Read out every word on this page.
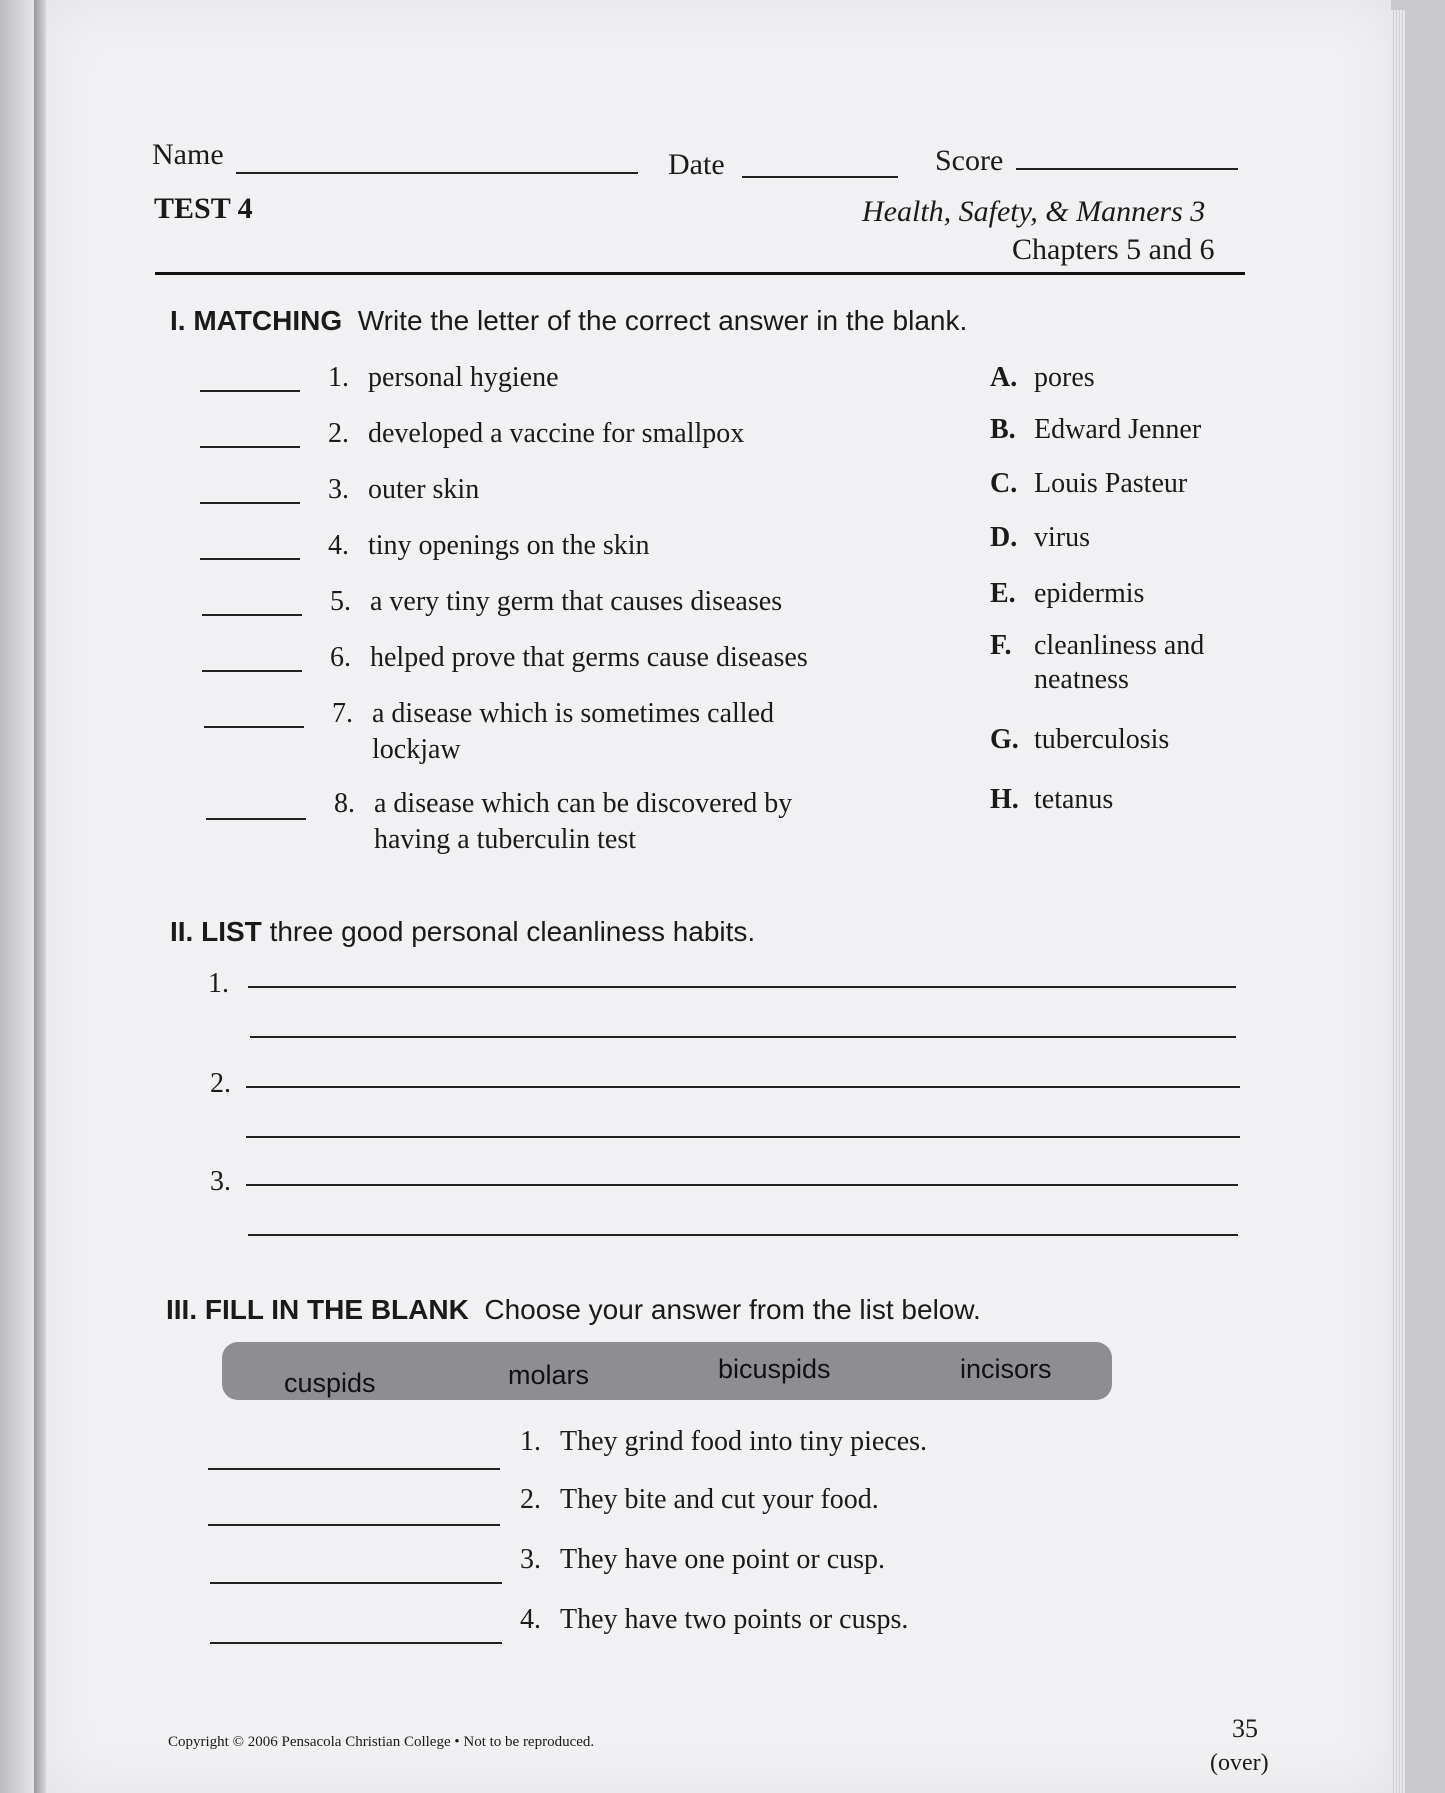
Name	Date	Score
TEST 4	Health, Safety, & Manners 3
Chapters 5 and 6
I. MATCHING Write the letter of the correct answer in the blank.
1. personal hygiene
2. developed a vaccine for smallpox
3. outer skin
4. tiny openings on the skin
5. a very tiny germ that causes diseases
6. helped prove that germs cause diseases
7. a disease which is sometimes called
lockjaw
8. a disease which can be discovered by
having a tuberculin test
A. pores
B. Edward Jenner
C. Louis Pasteur
D. virus
E. epidermis
F. cleanliness and
neatness
G. tuberculosis
H. tetanus
II. LIST three good personal cleanliness habits.
1.
2.
3.
III. FILL IN THE BLANK Choose your answer from the list below.
cuspids	molars	bicuspids	incisors
1. They grind food into tiny pieces.
2. They bite and cut your food.
3. They have one point or cusp.
4. They have two points or cusps.
Copyright © 2006 Pensacola Christian College • Not to be reproduced.	35
(over)
